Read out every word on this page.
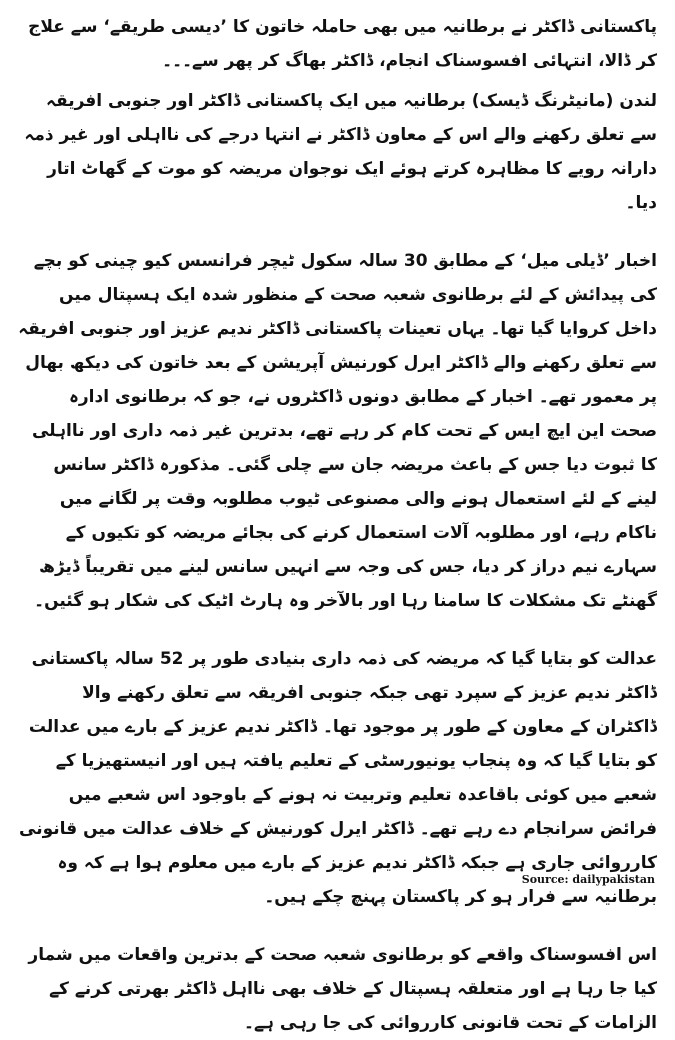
پاکستانی ڈاکٹر نے برطانیہ میں بھی حاملہ خاتون کا ’دیسی طریقے‘ سے علاج کر ڈالا، انتہائی افسوسناک انجام، ڈاکٹر بھاگ کر پھر سے۔۔۔

لندن (مانیٹرنگ ڈیسک) برطانیہ میں ایک پاکستانی ڈاکٹر اور جنوبی افریقہ سے تعلق رکھنے والے اس کے معاون ڈاکٹر نے انتہا درجے کی نااہلی اور غیر ذمہ دارانہ رویے کا مظاہرہ کرتے ہوئے ایک نوجوان مریضہ کو موت کے گھاٹ اتار دیا۔

اخبار ’ڈیلی میل‘ کے مطابق 30 سالہ سکول ٹیچر فرانسس کیو چینی کو بچے کی پیدائش کے لئے برطانوی شعبہ صحت کے منظور شدہ ایک ہسپتال میں داخل کروایا گیا تھا۔ یہاں تعینات پاکستانی ڈاکٹر ندیم عزیز اور جنوبی افریقہ سے تعلق رکھنے والے ڈاکٹر ایرل کورنیش آپریشن کے بعد خاتون کی دیکھ بھال پر معمور تھے۔ اخبار کے مطابق دونوں ڈاکٹروں نے، جو کہ برطانوی ادارہ صحت این ایچ ایس کے تحت کام کر رہے تھے، بدترین غیر ذمہ داری اور نااہلی کا ثبوت دیا جس کے باعث مریضہ جان سے چلی گئی۔ مذکورہ ڈاکٹر سانس لینے کے لئے استعمال ہونے والی مصنوعی ٹیوب مطلوبہ وقت پر لگانے میں ناکام رہے، اور مطلوبہ آلات استعمال کرنے کی بجائے مریضہ کو تکیوں کے سہارے نیم دراز کر دیا، جس کی وجہ سے انہیں سانس لینے میں تقریباً ڈیڑھ گھنٹے تک مشکلات کا سامنا رہا اور بالآخر وہ ہارٹ اٹیک کی شکار ہو گئیں۔

عدالت کو بتایا گیا کہ مریضہ کی ذمہ داری بنیادی طور پر 52 سالہ پاکستانی ڈاکٹر ندیم عزیز کے سپرد تھی جبکہ جنوبی افریقہ سے تعلق رکھنے والا ڈاکٹران کے معاون کے طور پر موجود تھا۔ ڈاکٹر ندیم عزیز کے بارے میں عدالت کو بتایا گیا کہ وہ پنجاب یونیورسٹی کے تعلیم یافتہ ہیں اور انیستھیزیا کے شعبے میں کوئی باقاعدہ تعلیم وتربیت نہ ہونے کے باوجود اس شعبے میں فرائض سرانجام دے رہے تھے۔ ڈاکٹر ایرل کورنیش کے خلاف عدالت میں قانونی کارروائی جاری ہے جبکہ ڈاکٹر ندیم عزیز کے بارے میں معلوم ہوا ہے کہ وہ برطانیہ سے فرار ہو کر پاکستان پہنچ چکے ہیں۔

اس افسوسناک واقعے کو برطانوی شعبہ صحت کے بدترین واقعات میں شمار کیا جا رہا ہے اور متعلقہ ہسپتال کے خلاف بھی نااہل ڈاکٹر بھرتی کرنے کے الزامات کے تحت قانونی کارروائی کی جا رہی ہے۔

Source: dailypakistan
